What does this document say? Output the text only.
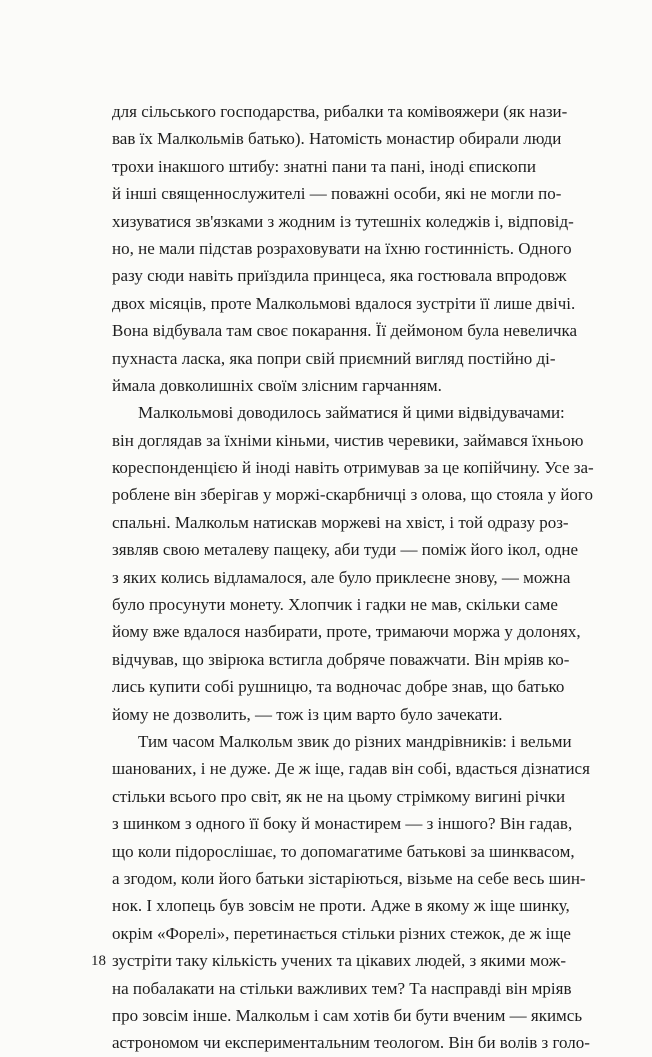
для сільського господарства, рибалки та комівояжери (як нази-
вав їх Малкольмів батько). Натомість монастир обирали люди
трохи інакшого штибу: знатні пани та пані, іноді єпископи
й інші священнослужителі — поважні особи, які не могли по-
хизуватися зв'язками з жодним із тутешніх коледжів і, відповід-
но, не мали підстав розраховувати на їхню гостинність. Одного
разу сюди навіть приїздила принцеса, яка гостювала впродовж
двох місяців, проте Малкольмові вдалося зустріти її лише двічі.
Вона відбувала там своє покарання. Її деймоном була невеличка
пухнаста ласка, яка попри свій приємний вигляд постійно ді-
ймала довколишніх своїм злісним гарчанням.
Малкольмові доводилось займатися й цими відвідувачами:
він доглядав за їхніми кіньми, чистив черевики, займався їхньою
кореспонденцією й іноді навіть отримував за це копійчину. Усе за-
роблене він зберігав у моржі-скарбничці з олова, що стояла у його
спальні. Малкольм натискав моржеві на хвіст, і той одразу роз-
зявляв свою металеву пащеку, аби туди — поміж його ікол, одне
з яких колись відламалося, але було приклеєне знову, — можна
було просунути монету. Хлопчик і гадки не мав, скільки саме
йому вже вдалося назбирати, проте, тримаючи моржа у долонях,
відчував, що звірюка встигла добряче поважчати. Він мріяв ко-
лись купити собі рушницю, та водночас добре знав, що батько
йому не дозволить, — тож із цим варто було зачекати.
Тим часом Малкольм звик до різних мандрівників: і вельми
шанованих, і не дуже. Де ж іще, гадав він собі, вдасться дізнатися
стільки всього про світ, як не на цьому стрімкому вигині річки
з шинком з одного її боку й монастирем — з іншого? Він гадав,
що коли підорослішає, то допомагатиме батькові за шинквасом,
а згодом, коли його батьки зістаріються, візьме на себе весь шин-
нок. І хлопець був зовсім не проти. Адже в якому ж іще шинку,
окрім «Форелі», перетинається стільки різних стежок, де ж іще
зустріти таку кількість учених та цікавих людей, з якими мож-
на побалакати на стільки важливих тем? Та насправді він мріяв
про зовсім інше. Малкольм і сам хотів би бути вченим — якимсь
астрономом чи експериментальним теологом. Він би волів з голо-
18
